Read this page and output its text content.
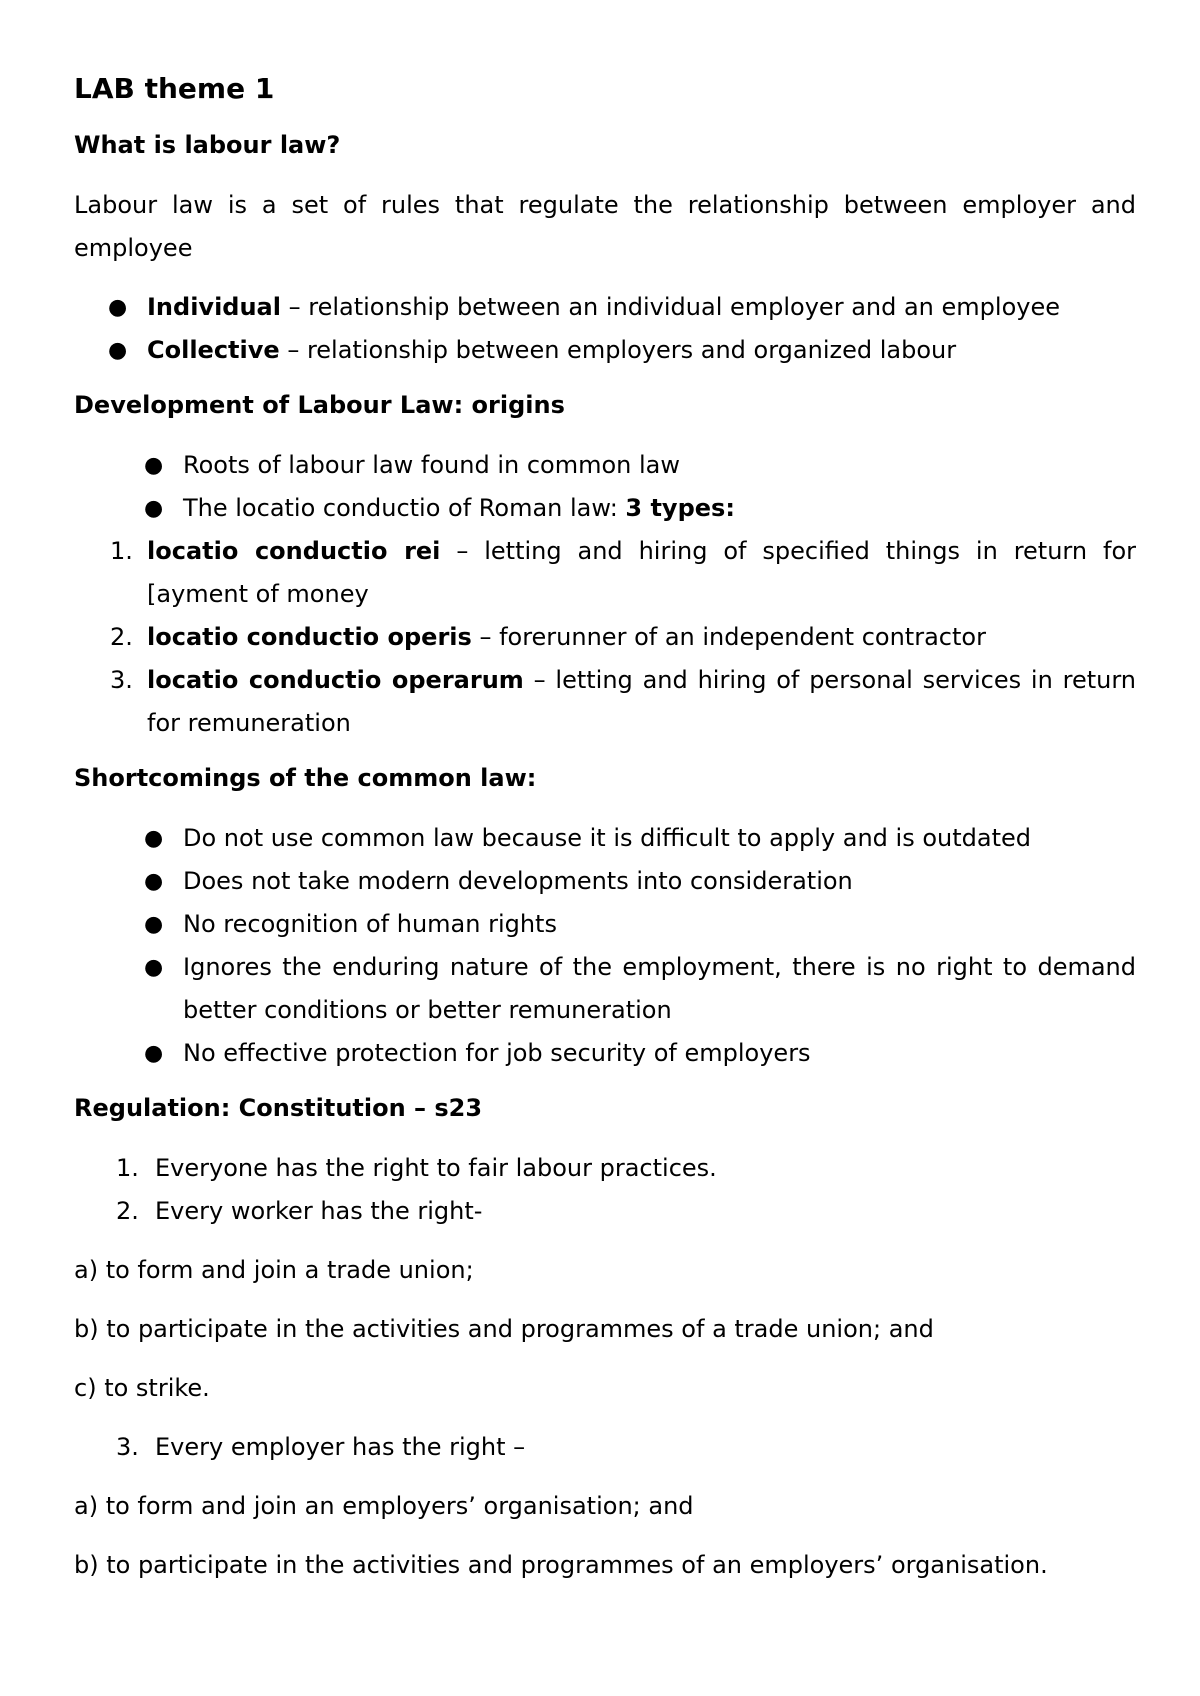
LAB theme 1
What is labour law?

Labour law is a set of rules that regulate the relationship between employer and employee

● Individual – relationship between an individual employer and an employee
● Collective – relationship between employers and organized labour
Development of Labour Law: origins
● Roots of labour law found in common law
● The locatio conductio of Roman law: 3 types:
1. locatio conductio rei – letting and hiring of specified things in return for [ayment of money
2. locatio conductio operis – forerunner of an independent contractor
3. locatio conductio operarum – letting and hiring of personal services in return for remuneration
Shortcomings of the common law:
● Do not use common law because it is difficult to apply and is outdated
● Does not take modern developments into consideration
● No recognition of human rights
● Ignores the enduring nature of the employment, there is no right to demand better conditions or better remuneration
● No effective protection for job security of employers
Regulation: Constitution – s23
1. Everyone has the right to fair labour practices.
2. Every worker has the right-

a) to form and join a trade union;

b) to participate in the activities and programmes of a trade union; and

c) to strike.

3. Every employer has the right –

a) to form and join an employers’ organisation; and

b) to participate in the activities and programmes of an employers’ organisation.
